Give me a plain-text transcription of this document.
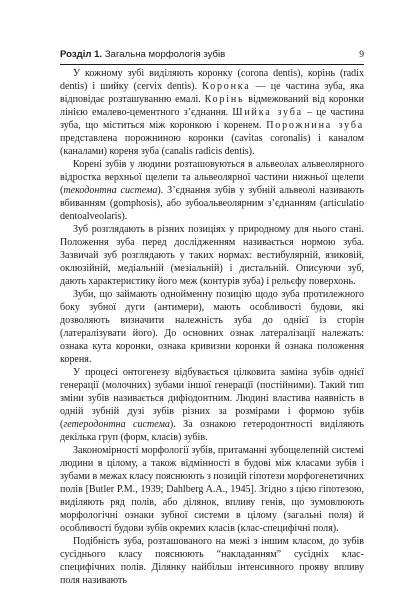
Розділ 1. Загальна морфологія зубів	9

У кожному зубі виділяють коронку (corona dentis), корінь (radix dentis) і шийку (cervix dentis). Коронка — це частина зуба, яка відповідає розташуванню емалі. Корінь відмежований від коронки лінією емалево-цементного з’єднання. Шийка зуба – це частина зуба, що міститься між коронкою і коренем. Порожнина зуба представлена порожниною коронки (cavitas coronalis) і каналом (каналами) кореня зуба (canalis radicis dentis).

Корені зубів у людини розташовуються в альвеолах альвеолярного відростка верхньої щелепи та альвеолярної частини нижньої щелепи (текодонтна система). З’єднання зубів у зубній альвеолі називають вбиванням (gomphosis), або зубоальвеолярним з’єднанням (articulatio dentoalveolaris).

Зуб розглядають в різних позиціях у природному для нього стані. Положення зуба перед дослідженням називається нормою зуба. Зазвичай зуб розглядають у таких нормах: вестибулярній, язиковій, оклюзійній, медіальній (мезіальній) і дистальній. Описуючи зуб, дають характеристику його меж (контурів зуба) і рельєфу поверхонь.

Зуби, що займають однойменну позицію щодо зуба протилежного боку зубної дуги (антимери), мають особливості будови, які дозволяють визначити належність зуба до однієї із сторін (латералізувати його). До основних ознак латералізації належать: ознака кута коронки, ознака кривизни коронки й ознака положення кореня.

У процесі онтогенезу відбувається цілковита заміна зубів однієї генерації (молочних) зубами іншої генерації (постійними). Такий тип зміни зубів називається дифіодонтним. Людині властива наявність в одній зубній дузі зубів різних за розмірами і формою зубів (гетеродонтна система). За ознакою гетеродонтності виділяють декілька груп (форм, класів) зубів.

Закономірності морфології зубів, притаманні зубощелепній системі людини в цілому, а також відмінності в будові між класами зубів і зубами в межах класу пояснюють з позицій гіпотези морфогенетичних полів [Butler P.M., 1939; Dahlberg A.A., 1945]. Згідно з цією гіпотезою, виділяють ряд полів, або ділянок, впливу генів, що зумовлюють морфологічні ознаки зубної системи в цілому (загальні поля) й особливості будови зубів окремих класів (клас-специфічні поля).

Подібність зуба, розташованого на межі з іншим класом, до зубів сусіднього класу пояснюють “накладанням” сусідніх клас-специфічних полів. Ділянку найбільш інтенсивного прояву впливу поля називають
